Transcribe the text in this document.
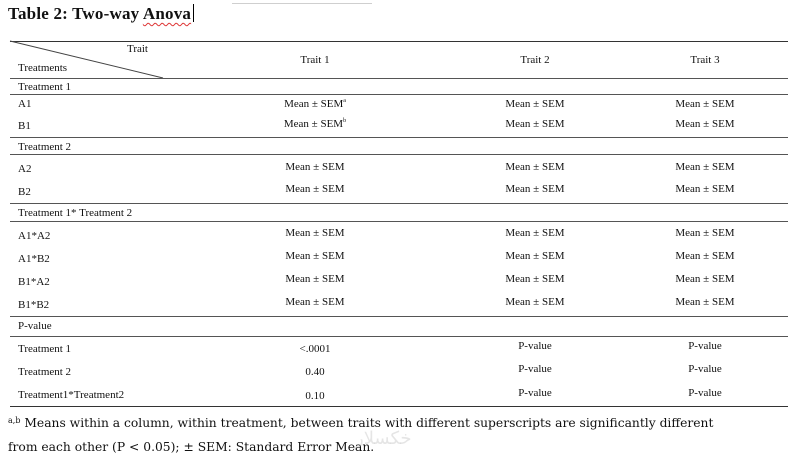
Table 2: Two-way Anova
Trait
Treatments
Trait 1	Trait 2	Trait 3
Treatment 1
A1	Mean ± $SEM^a$	Mean ± SEM	Mean ± SEM
B1	Mean ± $SEM^b$	Mean ± SEM	Mean ± SEM
Treatment 2
A2	Mean ± SEM	Mean ± SEM	Mean ± SEM
B2	Mean ± SEM	Mean ± SEM	Mean ± SEM
Treatment 1* Treatment 2
A1*A2	Mean ± SEM	Mean ± SEM	Mean ± SEM
A1*B2	Mean ± SEM	Mean ± SEM	Mean ± SEM
B1*A2	Mean ± SEM	Mean ± SEM	Mean ± SEM
B1*B2	Mean ± SEM	Mean ± SEM	Mean ± SEM
P-value
Treatment 1	<.0001	P-value	P-value
Treatment 2	0.40	P-value	P-value
Treatment1*Treatment2	0.10	P-value	P-value
$^{a,b}$ Means within a column, within treatment, between traits with different superscripts are significantly different
from each other (P < 0.05); ± SEM: Standard Error Mean.
خکسلار
